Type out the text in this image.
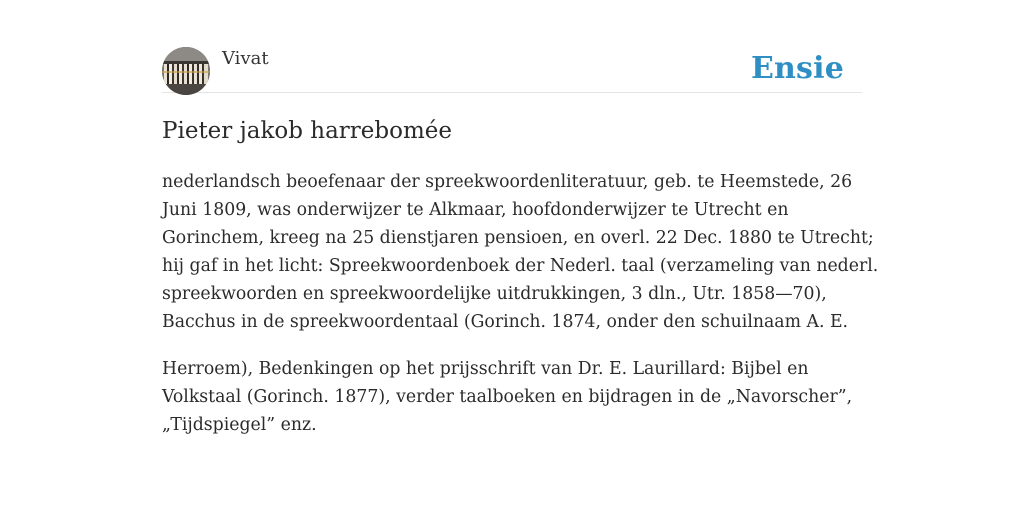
Vivat	Ensie
Pieter jakob harrebomée

nederlandsch beoefenaar der spreekwoordenliteratuur, geb. te Heemstede, 26
Juni 1809, was onderwijzer te Alkmaar, hoofdonderwijzer te Utrecht en
Gorinchem, kreeg na 25 dienstjaren pensioen, en overl. 22 Dec. 1880 te Utrecht;
hij gaf in het licht: Spreekwoordenboek der Nederl. taal (verzameling van nederl.
spreekwoorden en spreekwoordelijke uitdrukkingen, 3 dln., Utr. 1858—70),
Bacchus in de spreekwoordentaal (Gorinch. 1874, onder den schuilnaam A. E.

Herroem), Bedenkingen op het prijsschrift van Dr. E. Laurillard: Bijbel en
Volkstaal (Gorinch. 1877), verder taalboeken en bijdragen in de „Navorscher”,
„Tijdspiegel” enz.
